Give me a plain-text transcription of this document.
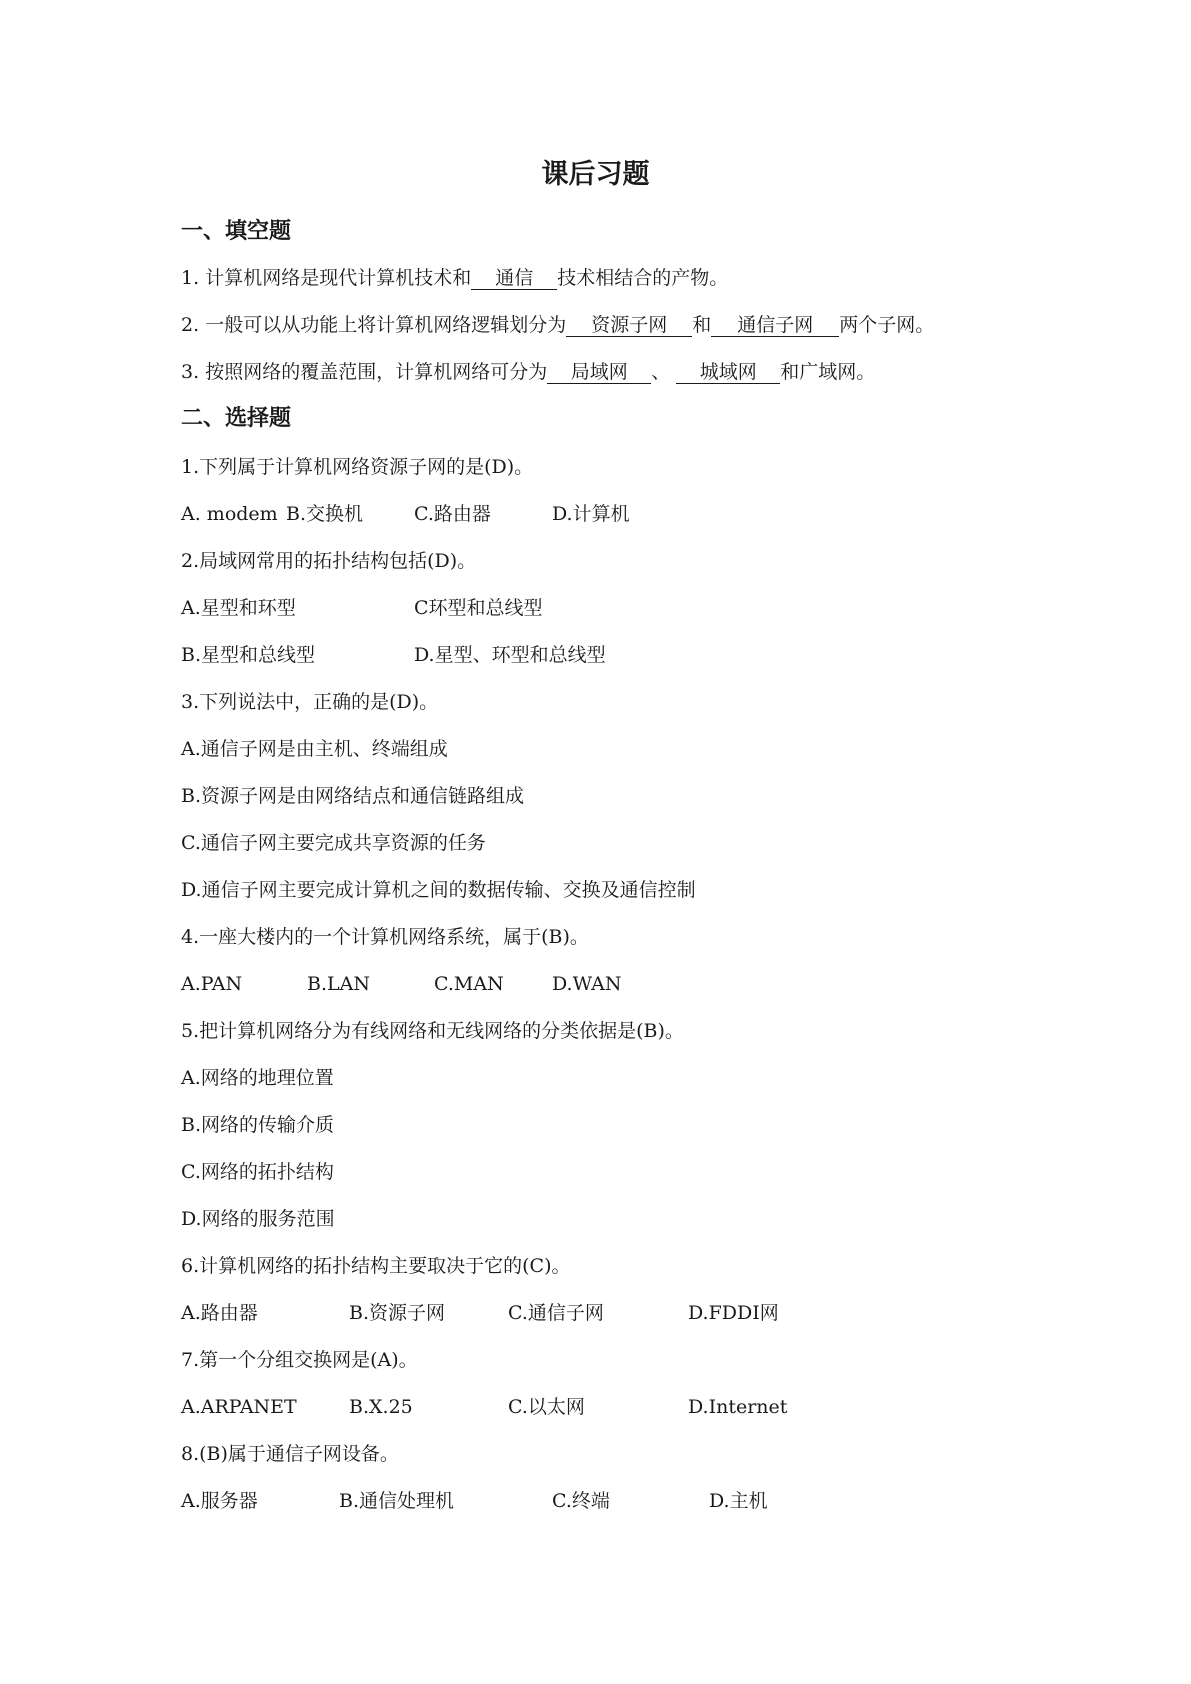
课后习题
一、填空题
1. 计算机网络是现代计算机技术和 通信 技术相结合的产物。
2. 一般可以从功能上将计算机网络逻辑划分为 资源子网 和 通信子网 两个子网。
3. 按照网络的覆盖范围，计算机网络可分为 局域网 、 城域网 和广域网。
二、选择题
1.下列属于计算机网络资源子网的是(D)。
A. modem B.交换机	C.路由器	D.计算机
2.局域网常用的拓扑结构包括(D)。
A.星型和环型	C环型和总线型
B.星型和总线型	D.星型、环型和总线型
3.下列说法中，正确的是(D)。
A.通信子网是由主机、终端组成
B.资源子网是由网络结点和通信链路组成
C.通信子网主要完成共享资源的任务
D.通信子网主要完成计算机之间的数据传输、交换及通信控制
4.一座大楼内的一个计算机网络系统，属于(B)。
A.PAN	B.LAN	C.MAN	D.WAN
5.把计算机网络分为有线网络和无线网络的分类依据是(B)。
A.网络的地理位置
B.网络的传输介质
C.网络的拓扑结构
D.网络的服务范围
6.计算机网络的拓扑结构主要取决于它的(C)。
A.路由器	B.资源子网	C.通信子网	D.FDDI网
7.第一个分组交换网是(A)。
A.ARPANET	B.X.25	C.以太网	D.Internet
8.(B)属于通信子网设备。
A.服务器	B.通信处理机	C.终端	D.主机
